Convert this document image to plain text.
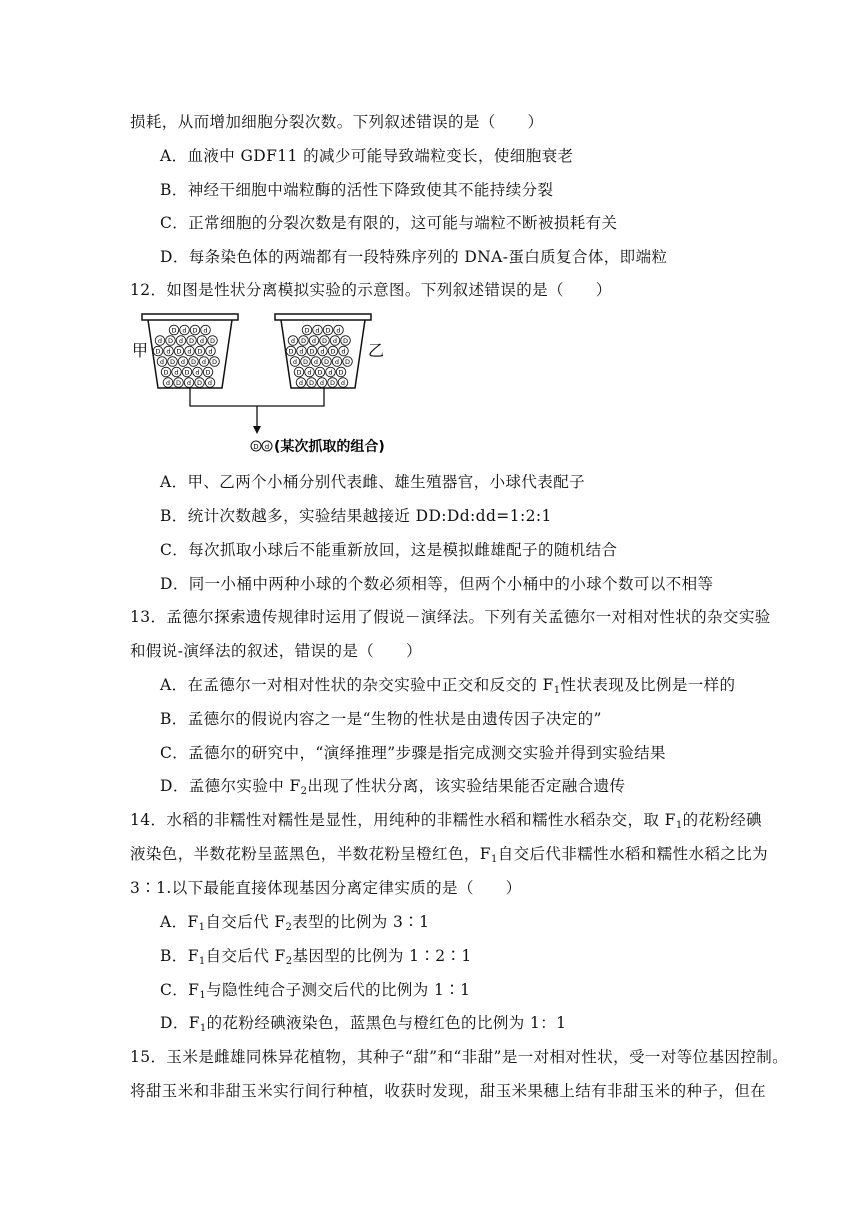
损耗，从而增加细胞分裂次数。下列叙述错误的是（　　）
A．血液中 GDF11 的减少可能导致端粒变长，使细胞衰老
B．神经干细胞中端粒酶的活性下降致使其不能持续分裂
C．正常细胞的分裂次数是有限的，这可能与端粒不断被损耗有关
D．每条染色体的两端都有一段特殊序列的 DNA-蛋白质复合体，即端粒
12．如图是性状分离模拟实验的示意图。下列叙述错误的是（　　）
D d D d
d D d D d D
D d D d D d
d D d D d D
D d D d D
d D d D d
D d D d
d D d D d D
D d D d D d
d D d D d D
D d D d D
d D d D d
甲	乙
D d (某次抓取的组合)
A．甲、乙两个小桶分别代表雌、雄生殖器官，小球代表配子
B．统计次数越多，实验结果越接近 DD:Dd:dd=1:2:1
C．每次抓取小球后不能重新放回，这是模拟雌雄配子的随机结合
D．同一小桶中两种小球的个数必须相等，但两个小桶中的小球个数可以不相等
13．孟德尔探索遗传规律时运用了假说－演绎法。下列有关孟德尔一对相对性状的杂交实验
和假说-演绎法的叙述，错误的是（　　）
A．在孟德尔一对相对性状的杂交实验中正交和反交的 $F_1$性状表现及比例是一样的
B．孟德尔的假说内容之一是“生物的性状是由遗传因子决定的”
C．孟德尔的研究中，“演绎推理”步骤是指完成测交实验并得到实验结果
D．孟德尔实验中 $F_2$出现了性状分离，该实验结果能否定融合遗传
14．水稻的非糯性对糯性是显性，用纯种的非糯性水稻和糯性水稻杂交，取 $F_1$的花粉经碘
液染色，半数花粉呈蓝黑色，半数花粉呈橙红色，$F_1$自交后代非糯性水稻和糯性水稻之比为
3∶1.以下最能直接体现基因分离定律实质的是（　　）
A．$F_1$自交后代 $F_2$表型的比例为 3∶1
B．$F_1$自交后代 $F_2$基因型的比例为 1∶2∶1
C．$F_1$与隐性纯合子测交后代的比例为 1∶1
D．$F_1$的花粉经碘液染色，蓝黑色与橙红色的比例为 1：1
15．玉米是雌雄同株异花植物，其种子“甜”和“非甜”是一对相对性状，受一对等位基因控制。
将甜玉米和非甜玉米实行间行种植，收获时发现，甜玉米果穗上结有非甜玉米的种子，但在
